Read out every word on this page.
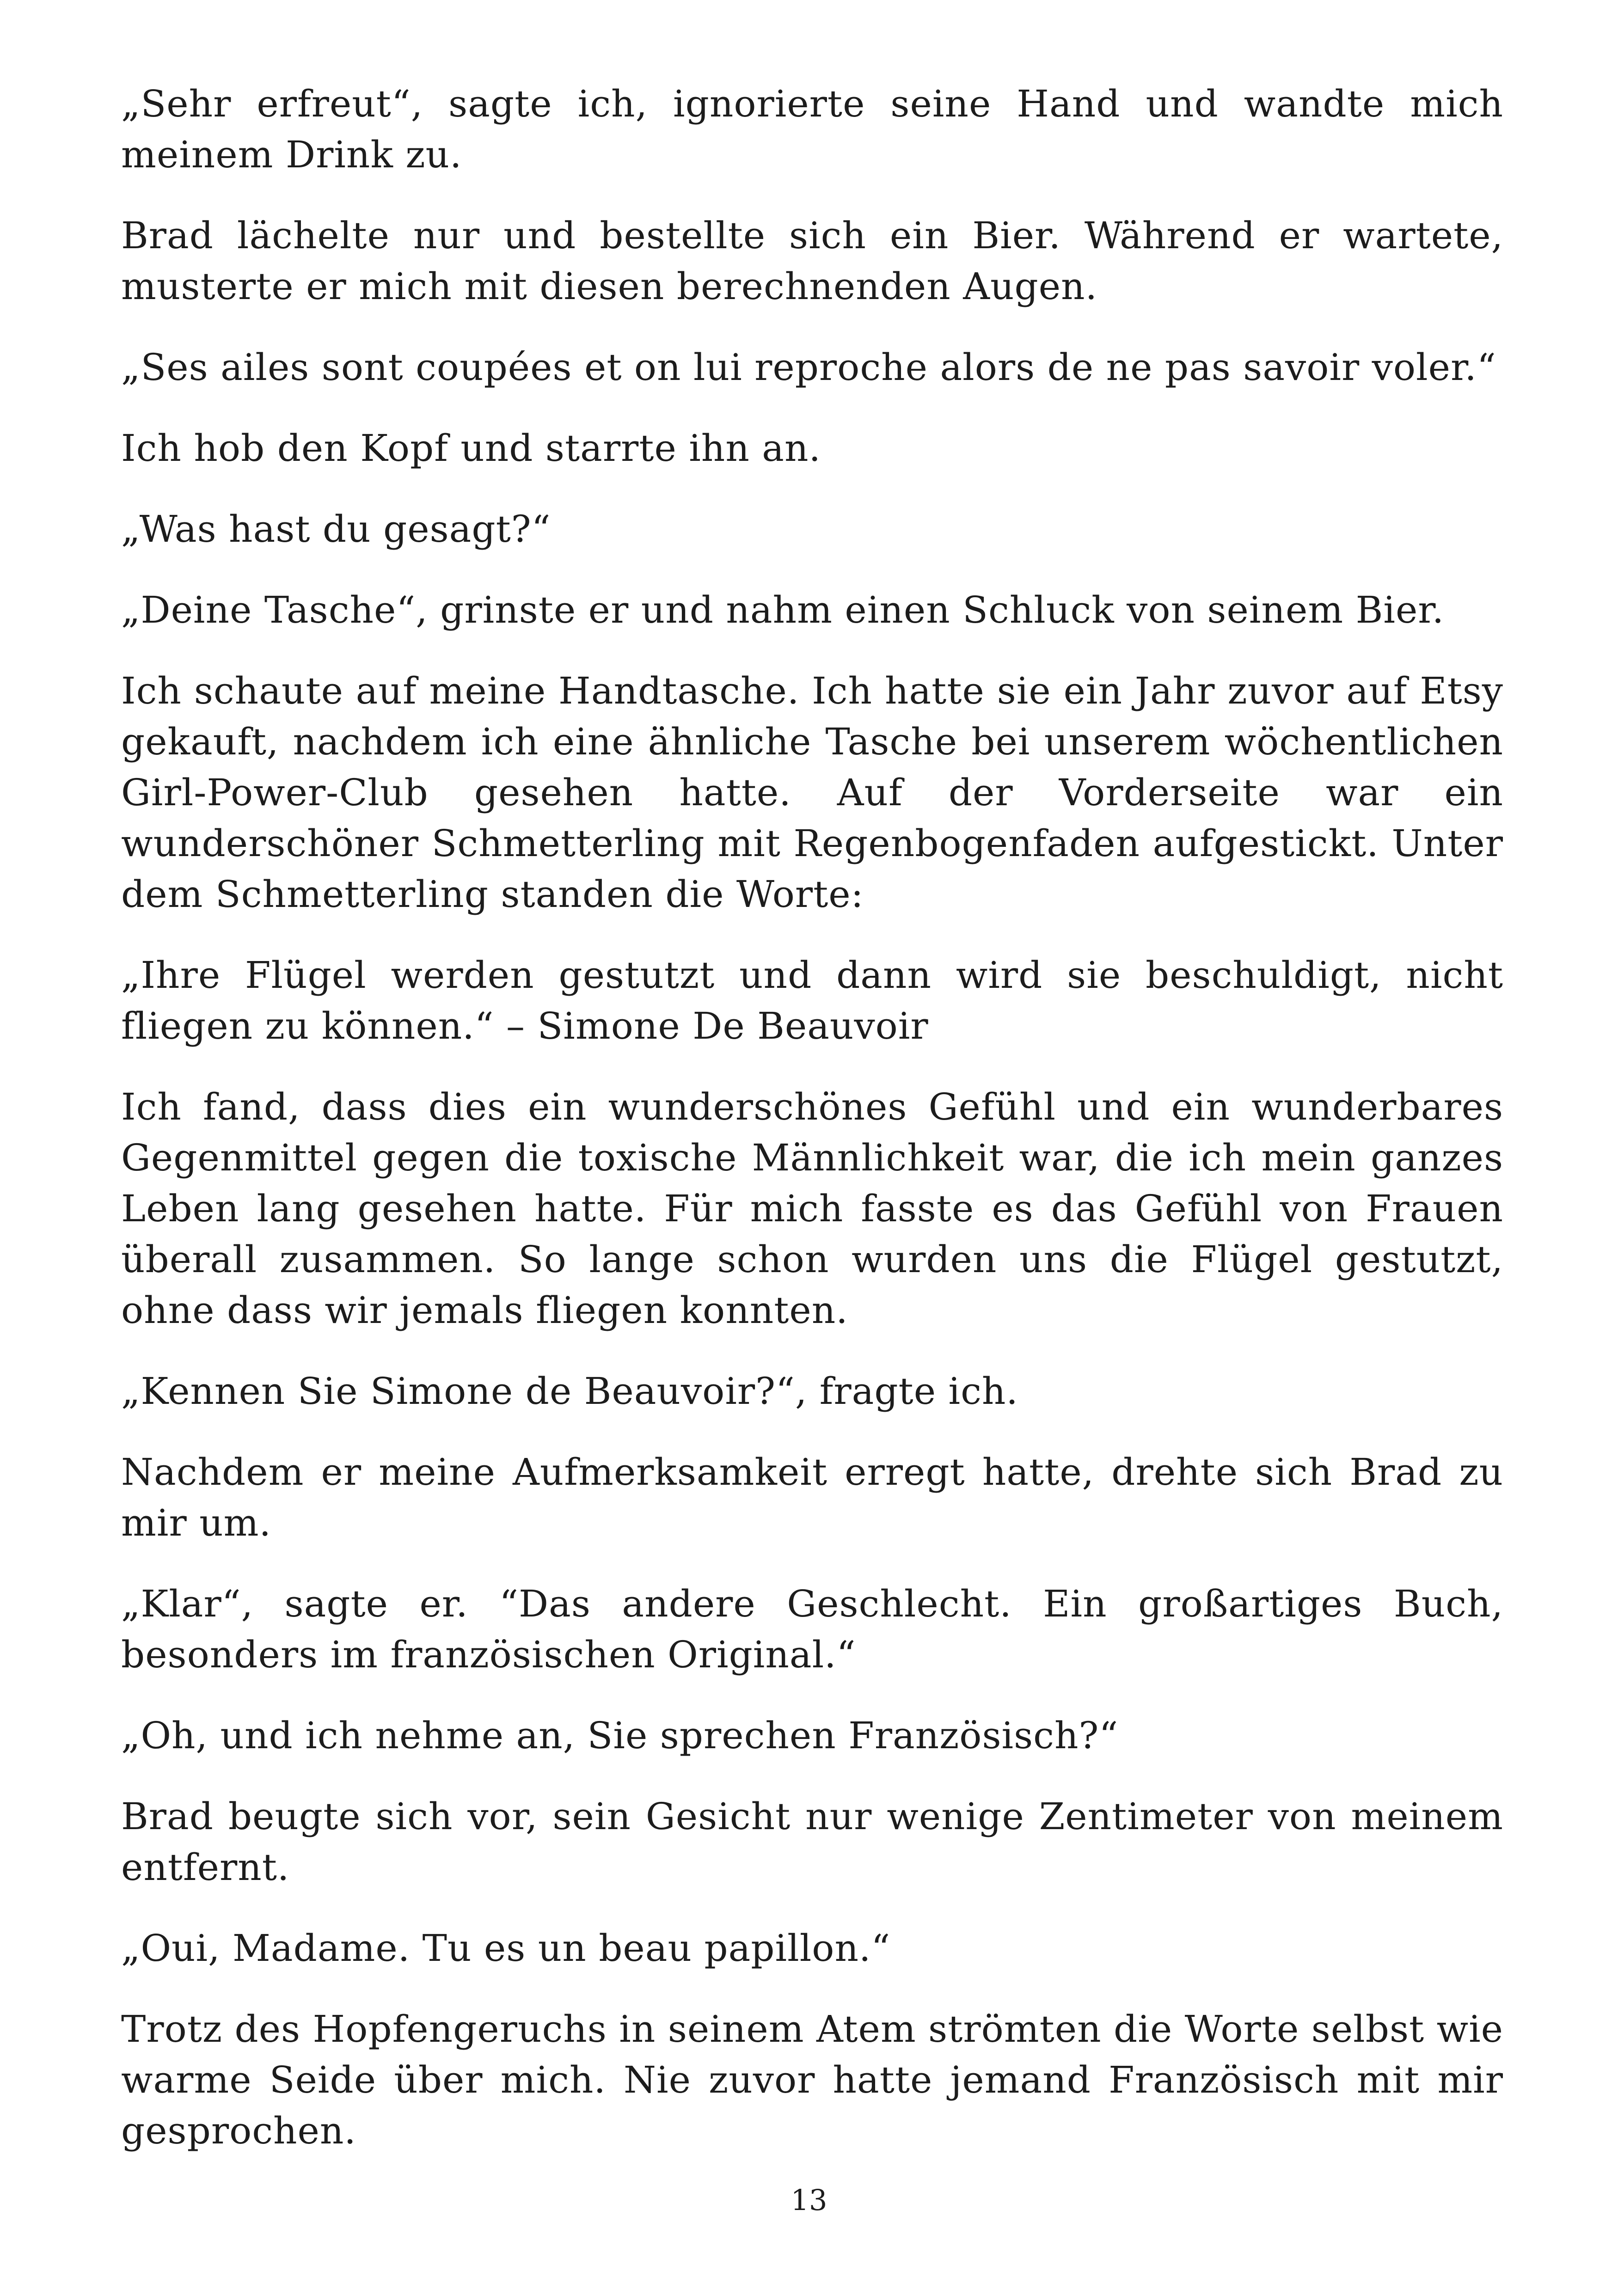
„Sehr erfreut“, sagte ich, ignorierte seine Hand und wandte mich meinem Drink zu.

Brad lächelte nur und bestellte sich ein Bier. Während er wartete, musterte er mich mit diesen berechnenden Augen.

„Ses ailes sont coupées et on lui reproche alors de ne pas savoir voler.“

Ich hob den Kopf und starrte ihn an.

„Was hast du gesagt?“

„Deine Tasche“, grinste er und nahm einen Schluck von seinem Bier.

Ich schaute auf meine Handtasche. Ich hatte sie ein Jahr zuvor auf Etsy gekauft, nachdem ich eine ähnliche Tasche bei unserem wöchentlichen Girl-Power-Club gesehen hatte. Auf der Vorderseite war ein wunderschöner Schmetterling mit Regenbogenfaden aufgestickt. Unter dem Schmetterling standen die Worte:

„Ihre Flügel werden gestutzt und dann wird sie beschuldigt, nicht fliegen zu können.“ – Simone De Beauvoir

Ich fand, dass dies ein wunderschönes Gefühl und ein wunderbares Gegenmittel gegen die toxische Männlichkeit war, die ich mein ganzes Leben lang gesehen hatte. Für mich fasste es das Gefühl von Frauen überall zusammen. So lange schon wurden uns die Flügel gestutzt, ohne dass wir jemals fliegen konnten.

„Kennen Sie Simone de Beauvoir?“, fragte ich.

Nachdem er meine Aufmerksamkeit erregt hatte, drehte sich Brad zu mir um.

„Klar“, sagte er. “Das andere Geschlecht. Ein großartiges Buch, besonders im französischen Original.“

„Oh, und ich nehme an, Sie sprechen Französisch?“

Brad beugte sich vor, sein Gesicht nur wenige Zentimeter von meinem entfernt.

„Oui, Madame. Tu es un beau papillon.“

Trotz des Hopfengeruchs in seinem Atem strömten die Worte selbst wie warme Seide über mich. Nie zuvor hatte jemand Französisch mit mir gesprochen.

13
